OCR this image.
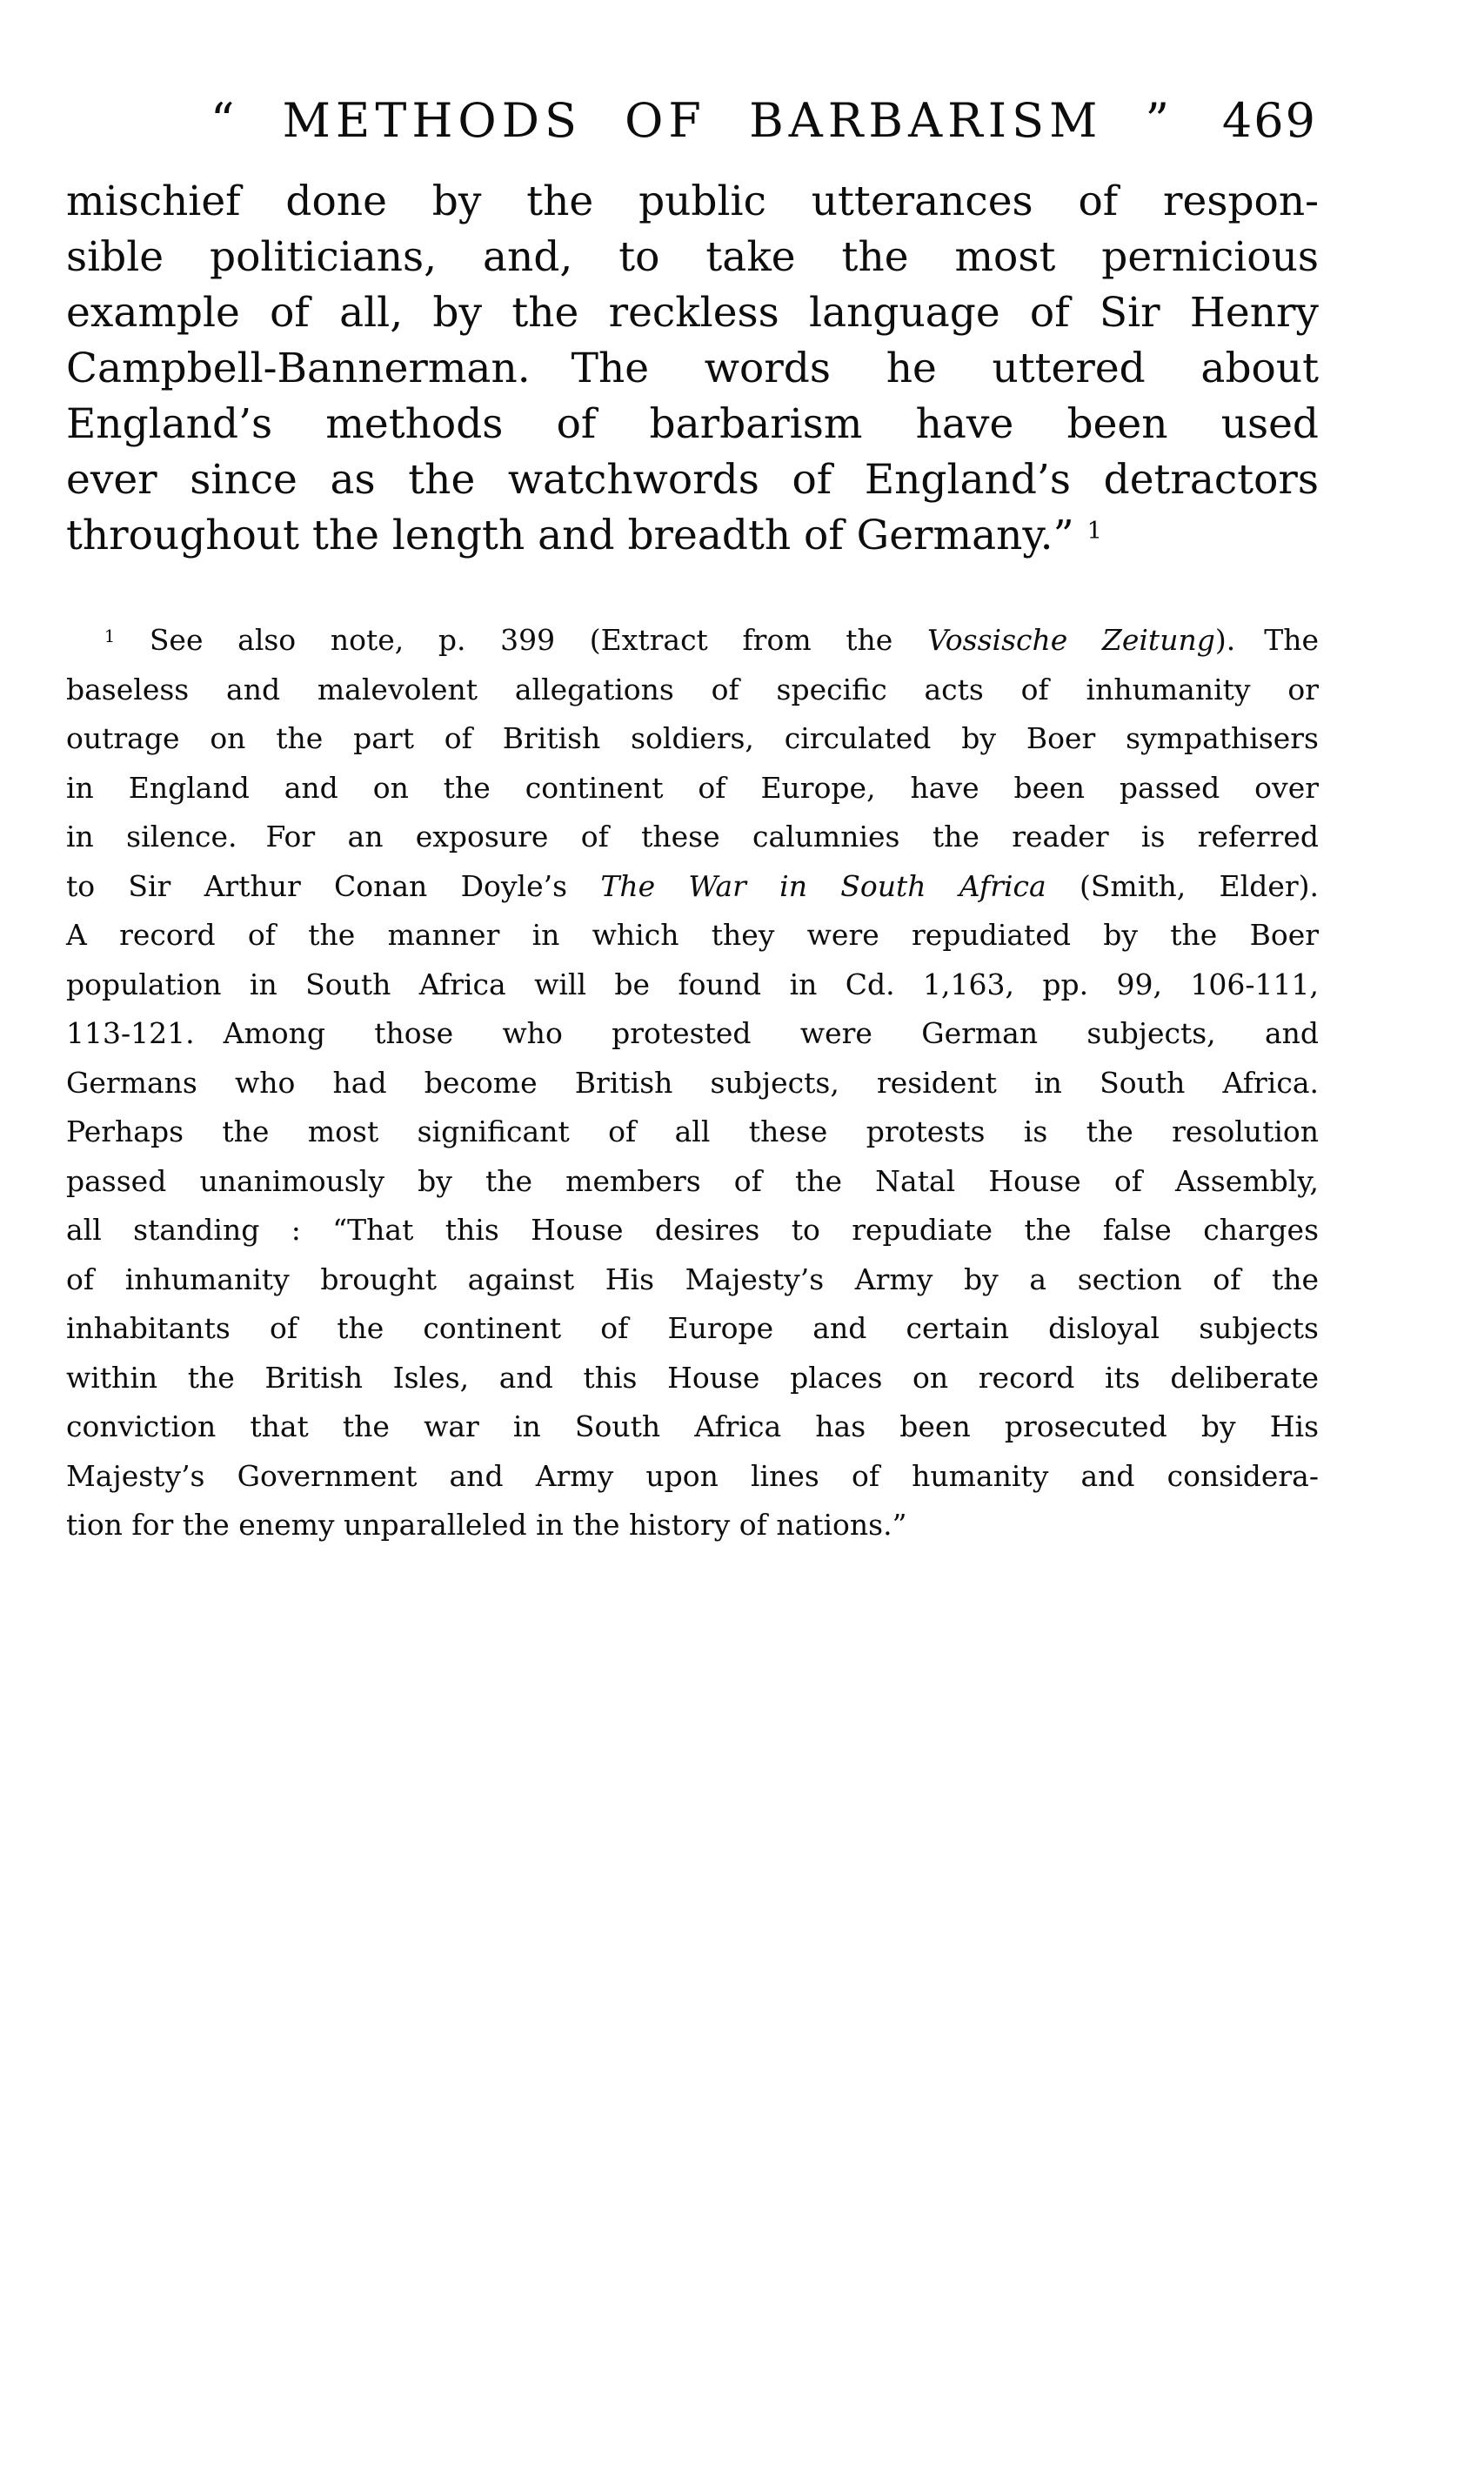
“ METHODS OF BARBARISM ”	469
mischief done by the public utterances of respon-
sible politicians, and, to take the most pernicious
example of all, by the reckless language of Sir Henry
Campbell-Bannerman. The words he uttered about
England’s methods of barbarism have been used
ever since as the watchwords of England’s detractors
throughout the length and breadth of Germany.” $^1$
$^1$ See also note, p. 399 (Extract from the Vossische Zeitung). The
baseless and malevolent allegations of specific acts of inhumanity or
outrage on the part of British soldiers, circulated by Boer sympathisers
in England and on the continent of Europe, have been passed over
in silence. For an exposure of these calumnies the reader is referred
to Sir Arthur Conan Doyle’s The War in South Africa (Smith, Elder).
A record of the manner in which they were repudiated by the Boer
population in South Africa will be found in Cd. 1,163, pp. 99, 106-111,
113-121. Among those who protested were German subjects, and
Germans who had become British subjects, resident in South Africa.
Perhaps the most significant of all these protests is the resolution
passed unanimously by the members of the Natal House of Assembly,
all standing : “That this House desires to repudiate the false charges
of inhumanity brought against His Majesty’s Army by a section of the
inhabitants of the continent of Europe and certain disloyal subjects
within the British Isles, and this House places on record its deliberate
conviction that the war in South Africa has been prosecuted by His
Majesty’s Government and Army upon lines of humanity and considera-
tion for the enemy unparalleled in the history of nations.”
